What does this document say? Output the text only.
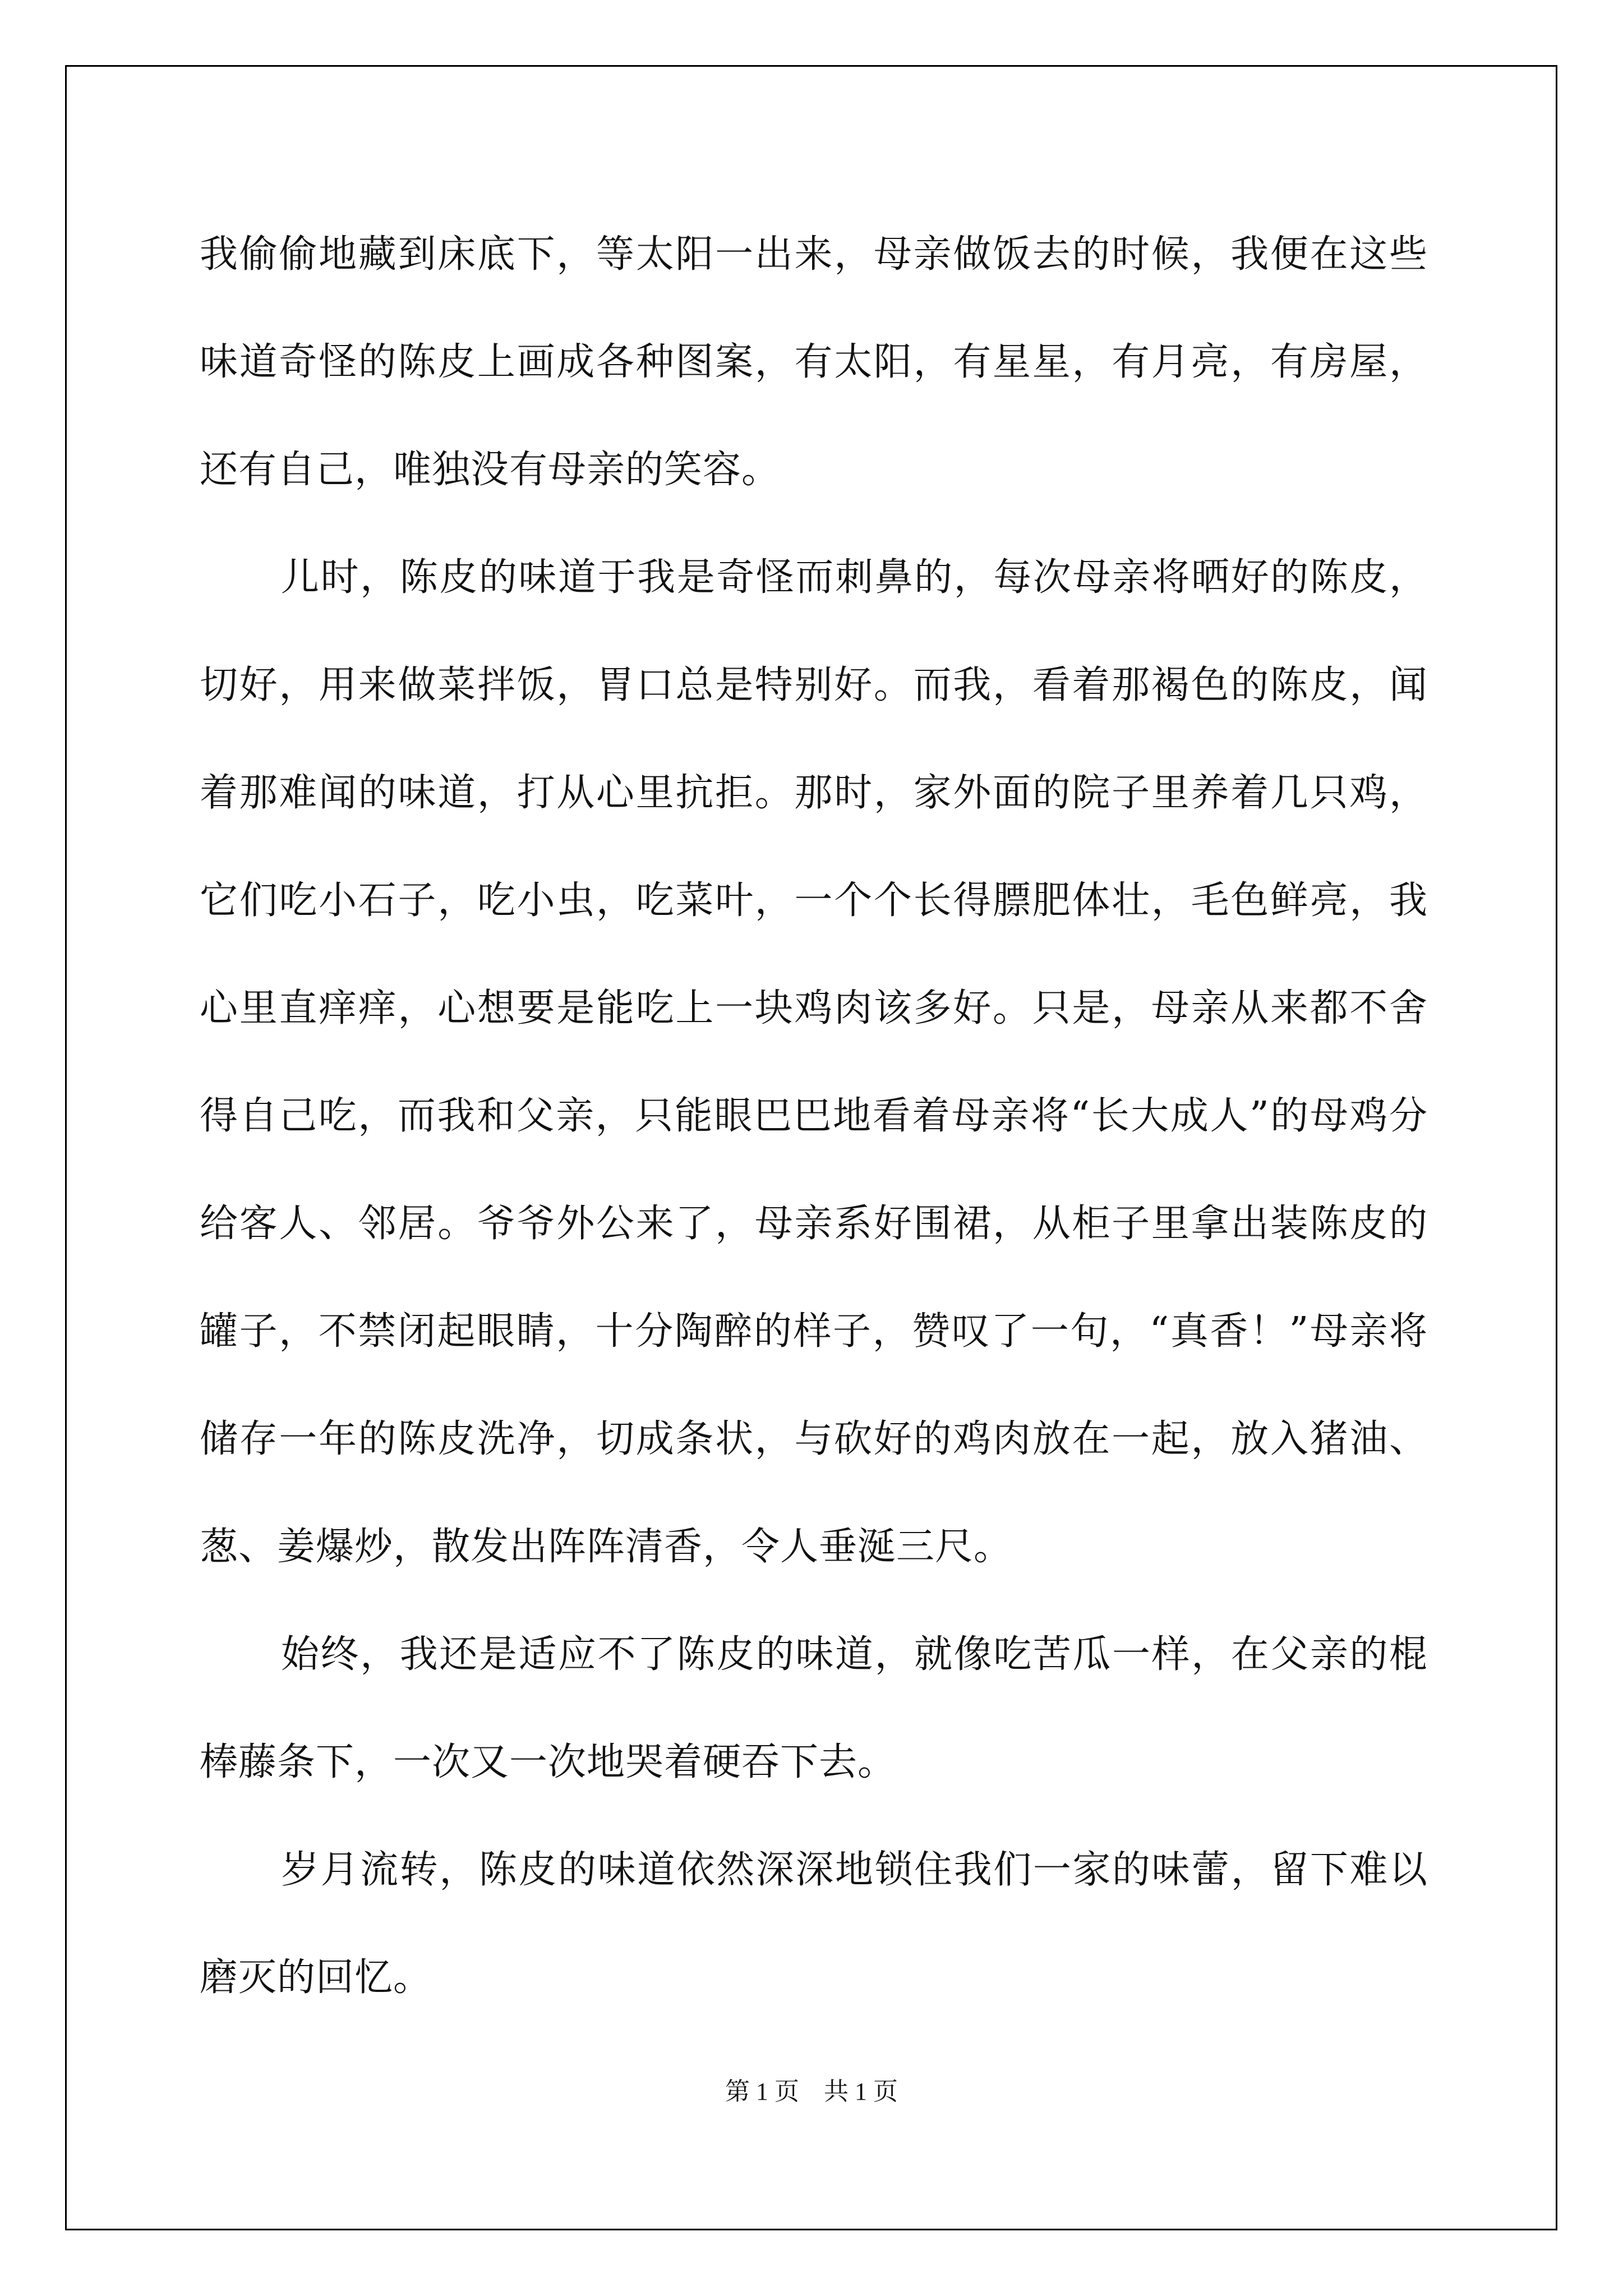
我偷偷地藏到床底下，等太阳一出来，母亲做饭去的时候，我便在这些味道奇怪的陈皮上画成各种图案，有太阳，有星星，有月亮，有房屋，还有自己，唯独没有母亲的笑容。

儿时，陈皮的味道于我是奇怪而刺鼻的，每次母亲将晒好的陈皮，切好，用来做菜拌饭，胃口总是特别好。而我，看着那褐色的陈皮，闻着那难闻的味道，打从心里抗拒。那时，家外面的院子里养着几只鸡，它们吃小石子，吃小虫，吃菜叶，一个个长得膘肥体壮，毛色鲜亮，我心里直痒痒，心想要是能吃上一块鸡肉该多好。只是，母亲从来都不舍得自己吃，而我和父亲，只能眼巴巴地看着母亲将“长大成人”的母鸡分给客人、邻居。爷爷外公来了，母亲系好围裙，从柜子里拿出装陈皮的罐子，不禁闭起眼睛，十分陶醉的样子，赞叹了一句，“真香！”母亲将储存一年的陈皮洗净，切成条状，与砍好的鸡肉放在一起，放入猪油、葱、姜爆炒，散发出阵阵清香，令人垂涎三尺。

始终，我还是适应不了陈皮的味道，就像吃苦瓜一样，在父亲的棍棒藤条下，一次又一次地哭着硬吞下去。

岁月流转，陈皮的味道依然深深地锁住我们一家的味蕾，留下难以磨灭的回忆。

第 1 页    共 1 页
